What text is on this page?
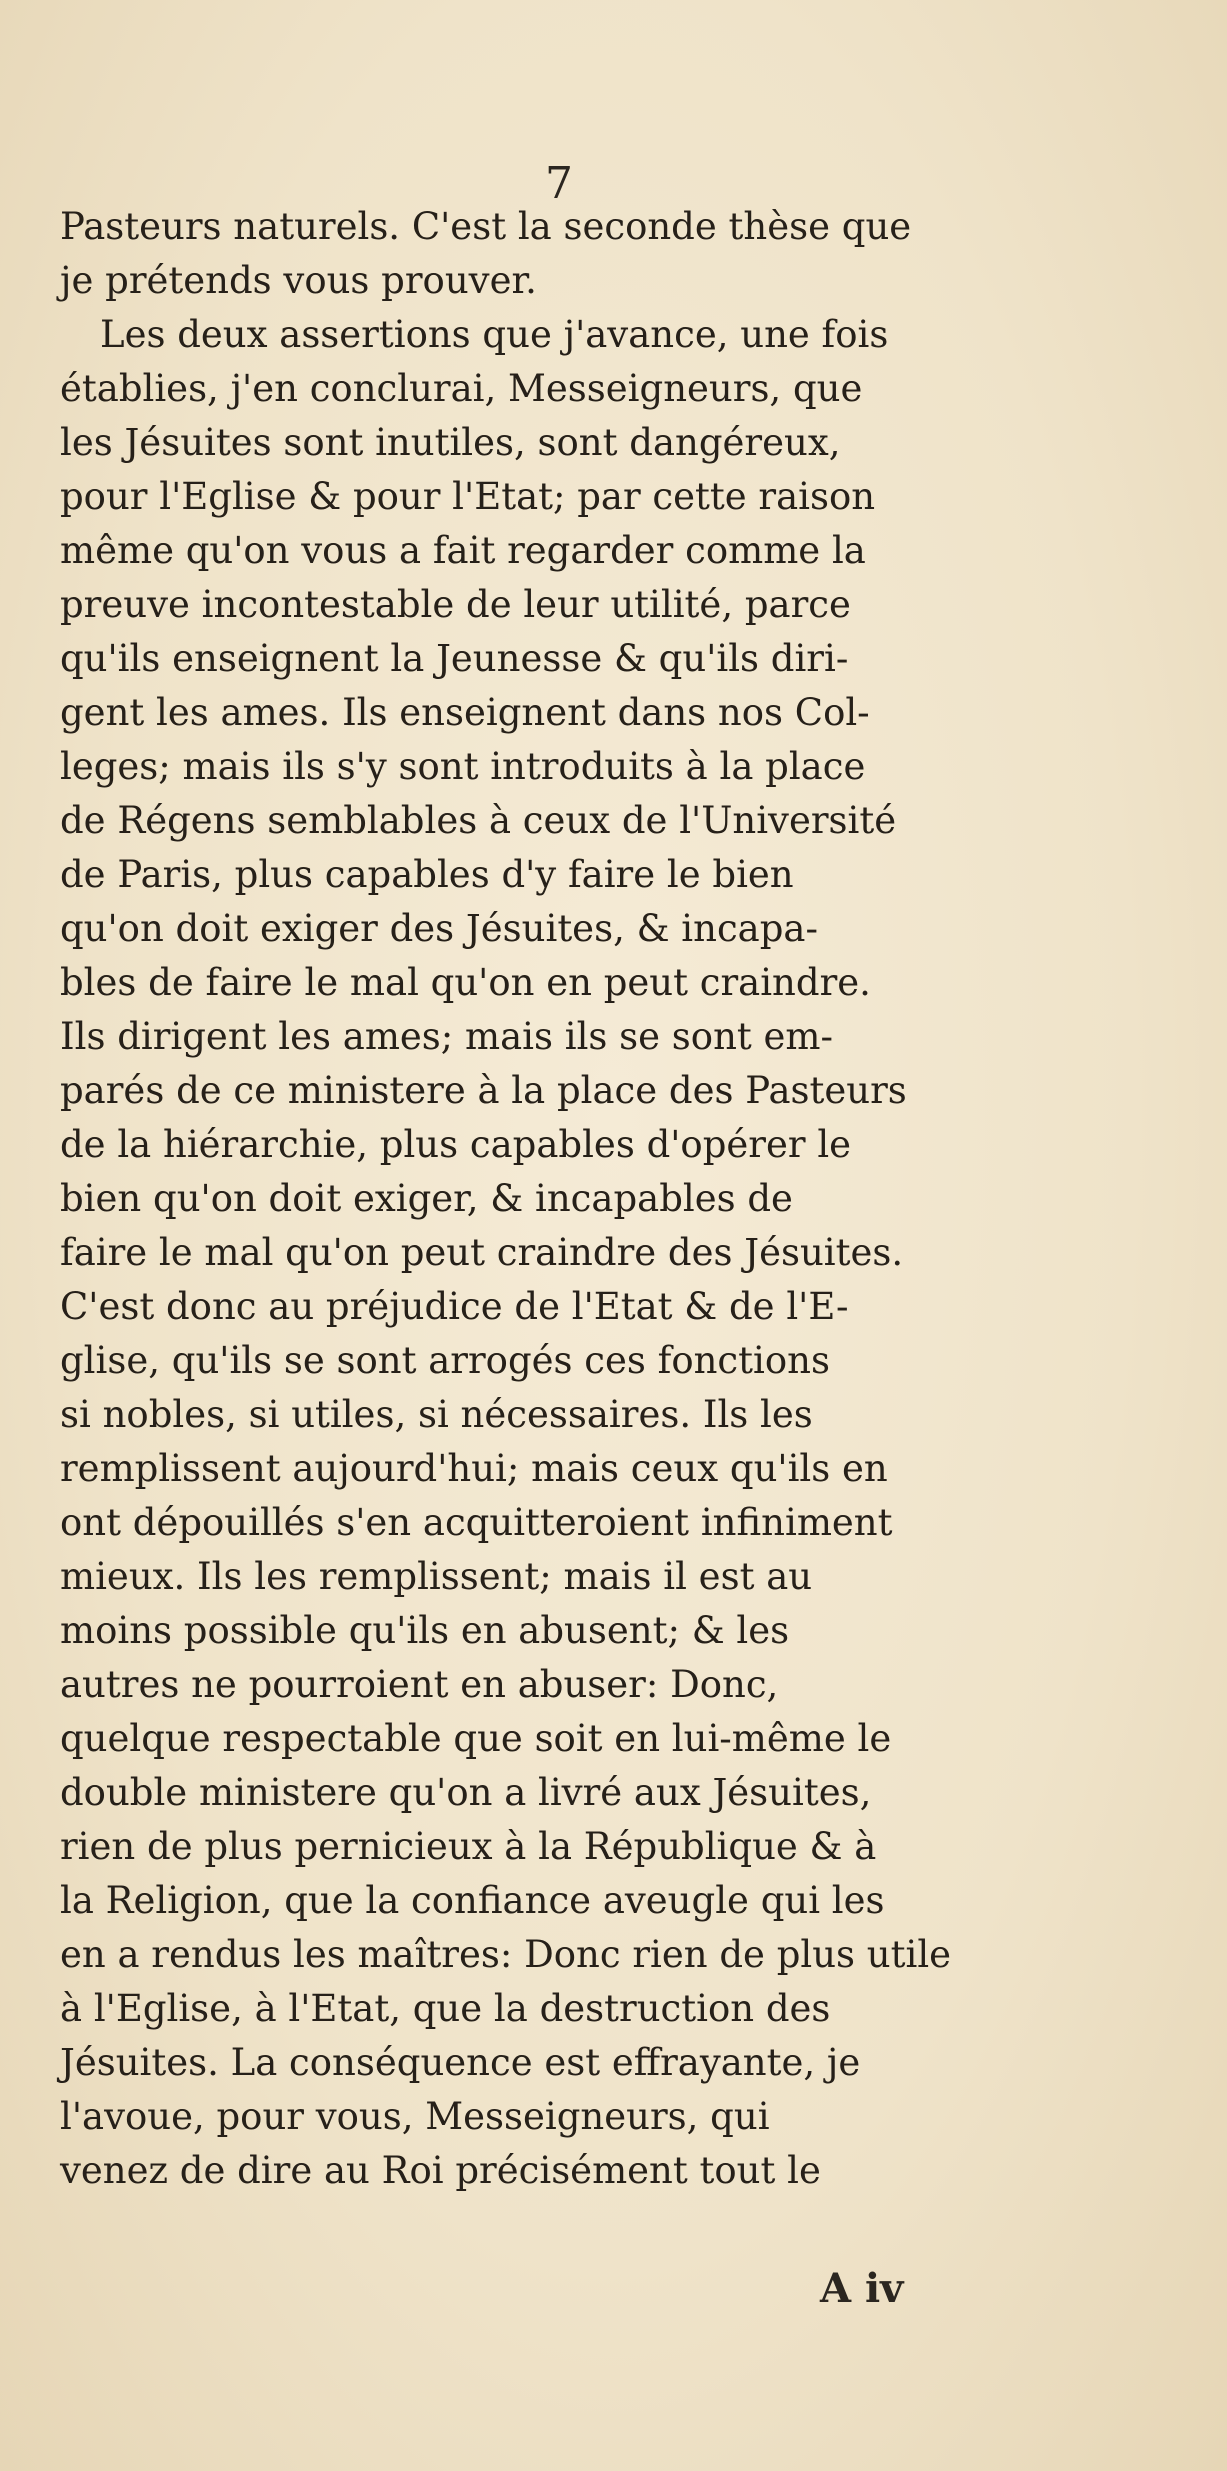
7
Pasteurs naturels. C'est la seconde thèse que
je prétends vous prouver.
Les deux assertions que j'avance, une fois
établies, j'en conclurai, Messeigneurs, que
les Jésuites sont inutiles, sont dangéreux,
pour l'Eglise & pour l'Etat; par cette raison
même qu'on vous a fait regarder comme la
preuve incontestable de leur utilité, parce
qu'ils enseignent la Jeunesse & qu'ils diri-
gent les ames. Ils enseignent dans nos Col-
leges; mais ils s'y sont introduits à la place
de Régens semblables à ceux de l'Université
de Paris, plus capables d'y faire le bien
qu'on doit exiger des Jésuites, & incapa-
bles de faire le mal qu'on en peut craindre.
Ils dirigent les ames; mais ils se sont em-
parés de ce ministere à la place des Pasteurs
de la hiérarchie, plus capables d'opérer le
bien qu'on doit exiger, & incapables de
faire le mal qu'on peut craindre des Jésuites.
C'est donc au préjudice de l'Etat & de l'E-
glise, qu'ils se sont arrogés ces fonctions
si nobles, si utiles, si nécessaires. Ils les
remplissent aujourd'hui; mais ceux qu'ils en
ont dépouillés s'en acquitteroient infiniment
mieux. Ils les remplissent; mais il est au
moins possible qu'ils en abusent; & les
autres ne pourroient en abuser: Donc,
quelque respectable que soit en lui-même le
double ministere qu'on a livré aux Jésuites,
rien de plus pernicieux à la République & à
la Religion, que la confiance aveugle qui les
en a rendus les maîtres: Donc rien de plus utile
à l'Eglise, à l'Etat, que la destruction des
Jésuites. La conséquence est effrayante, je
l'avoue, pour vous, Messeigneurs, qui
venez de dire au Roi précisément tout le
A iv
